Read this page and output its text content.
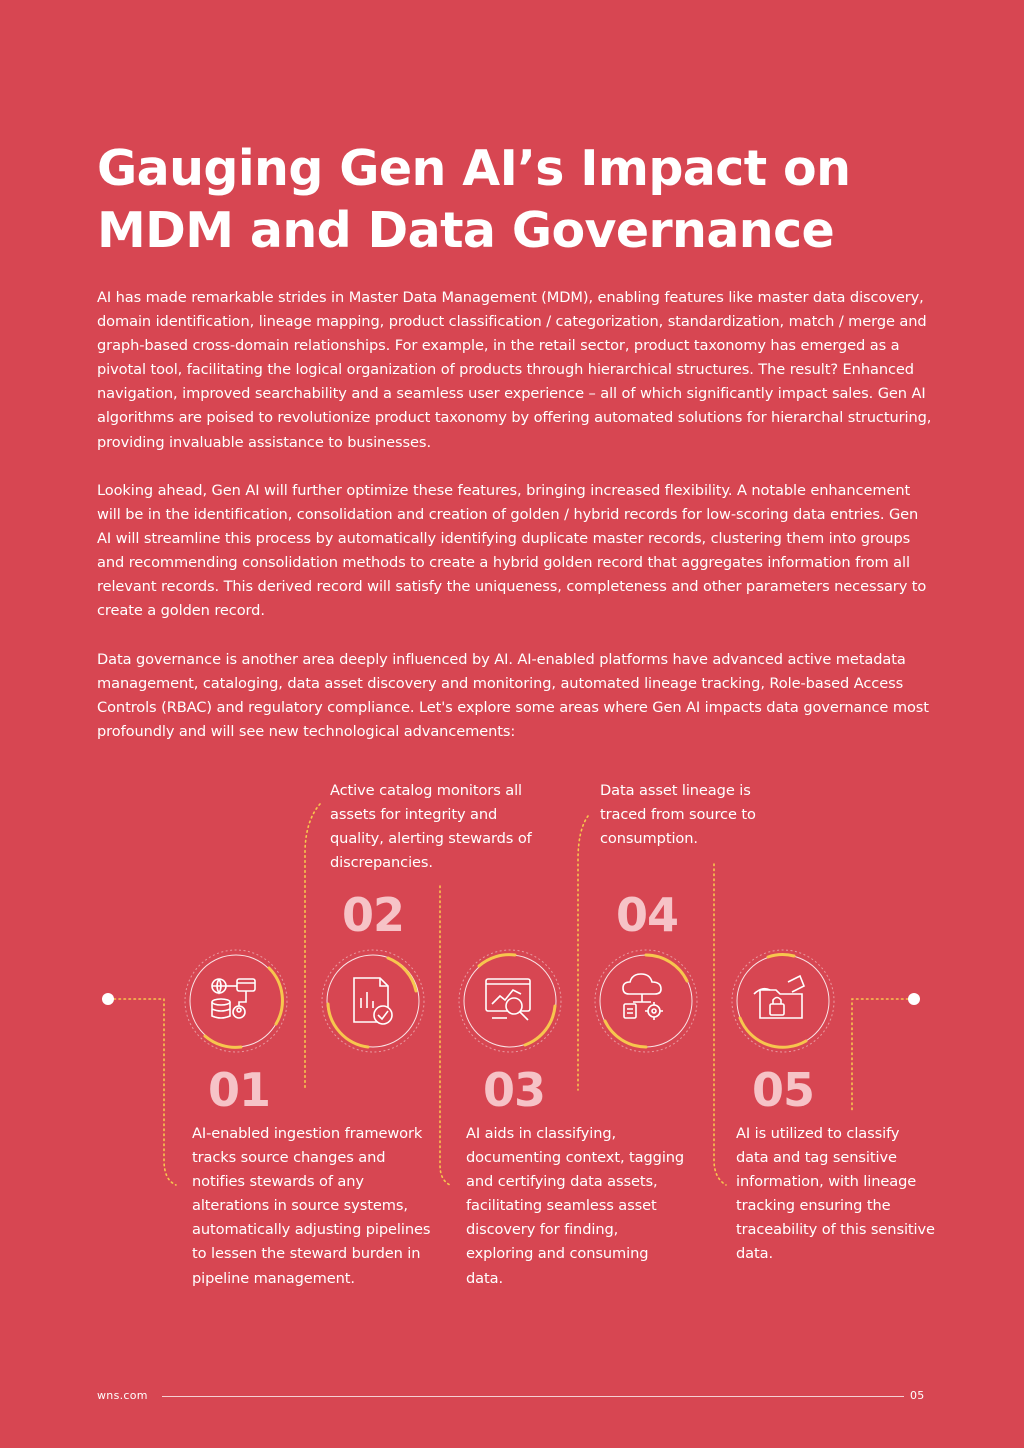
Gauging Gen AI’s Impact on
MDM and Data Governance

AI has made remarkable strides in Master Data Management (MDM), enabling features like master data discovery, domain identification, lineage mapping, product classification / categorization, standardization, match / merge and graph-based cross-domain relationships. For example, in the retail sector, product taxonomy has emerged as a pivotal tool, facilitating the logical organization of products through hierarchical structures. The result? Enhanced navigation, improved searchability and a seamless user experience – all of which significantly impact sales. Gen AI algorithms are poised to revolutionize product taxonomy by offering automated solutions for hierarchal structuring, providing invaluable assistance to businesses.

Looking ahead, Gen AI will further optimize these features, bringing increased flexibility. A notable enhancement will be in the identification, consolidation and creation of golden / hybrid records for low-scoring data entries. Gen AI will streamline this process by automatically identifying duplicate master records, clustering them into groups and recommending consolidation methods to create a hybrid golden record that aggregates information from all relevant records. This derived record will satisfy the uniqueness, completeness and other parameters necessary to create a golden record.

Data governance is another area deeply influenced by AI. AI-enabled platforms have advanced active metadata management, cataloging, data asset discovery and monitoring, automated lineage tracking, Role-based Access Controls (RBAC) and regulatory compliance. Let's explore some areas where Gen AI impacts data governance most profoundly and will see new technological advancements:

01

AI-enabled ingestion framework tracks source changes and notifies stewards of any alterations in source systems, automatically adjusting pipelines to lessen the steward burden in pipeline management.

02

Active catalog monitors all assets for integrity and quality, alerting stewards of discrepancies.

03

AI aids in classifying, documenting context, tagging and certifying data assets, facilitating seamless asset discovery for finding, exploring and consuming data.

04

Data asset lineage is traced from source to consumption.

05

AI is utilized to classify data and tag sensitive information, with lineage tracking ensuring the traceability of this sensitive data.

wns.com	05
